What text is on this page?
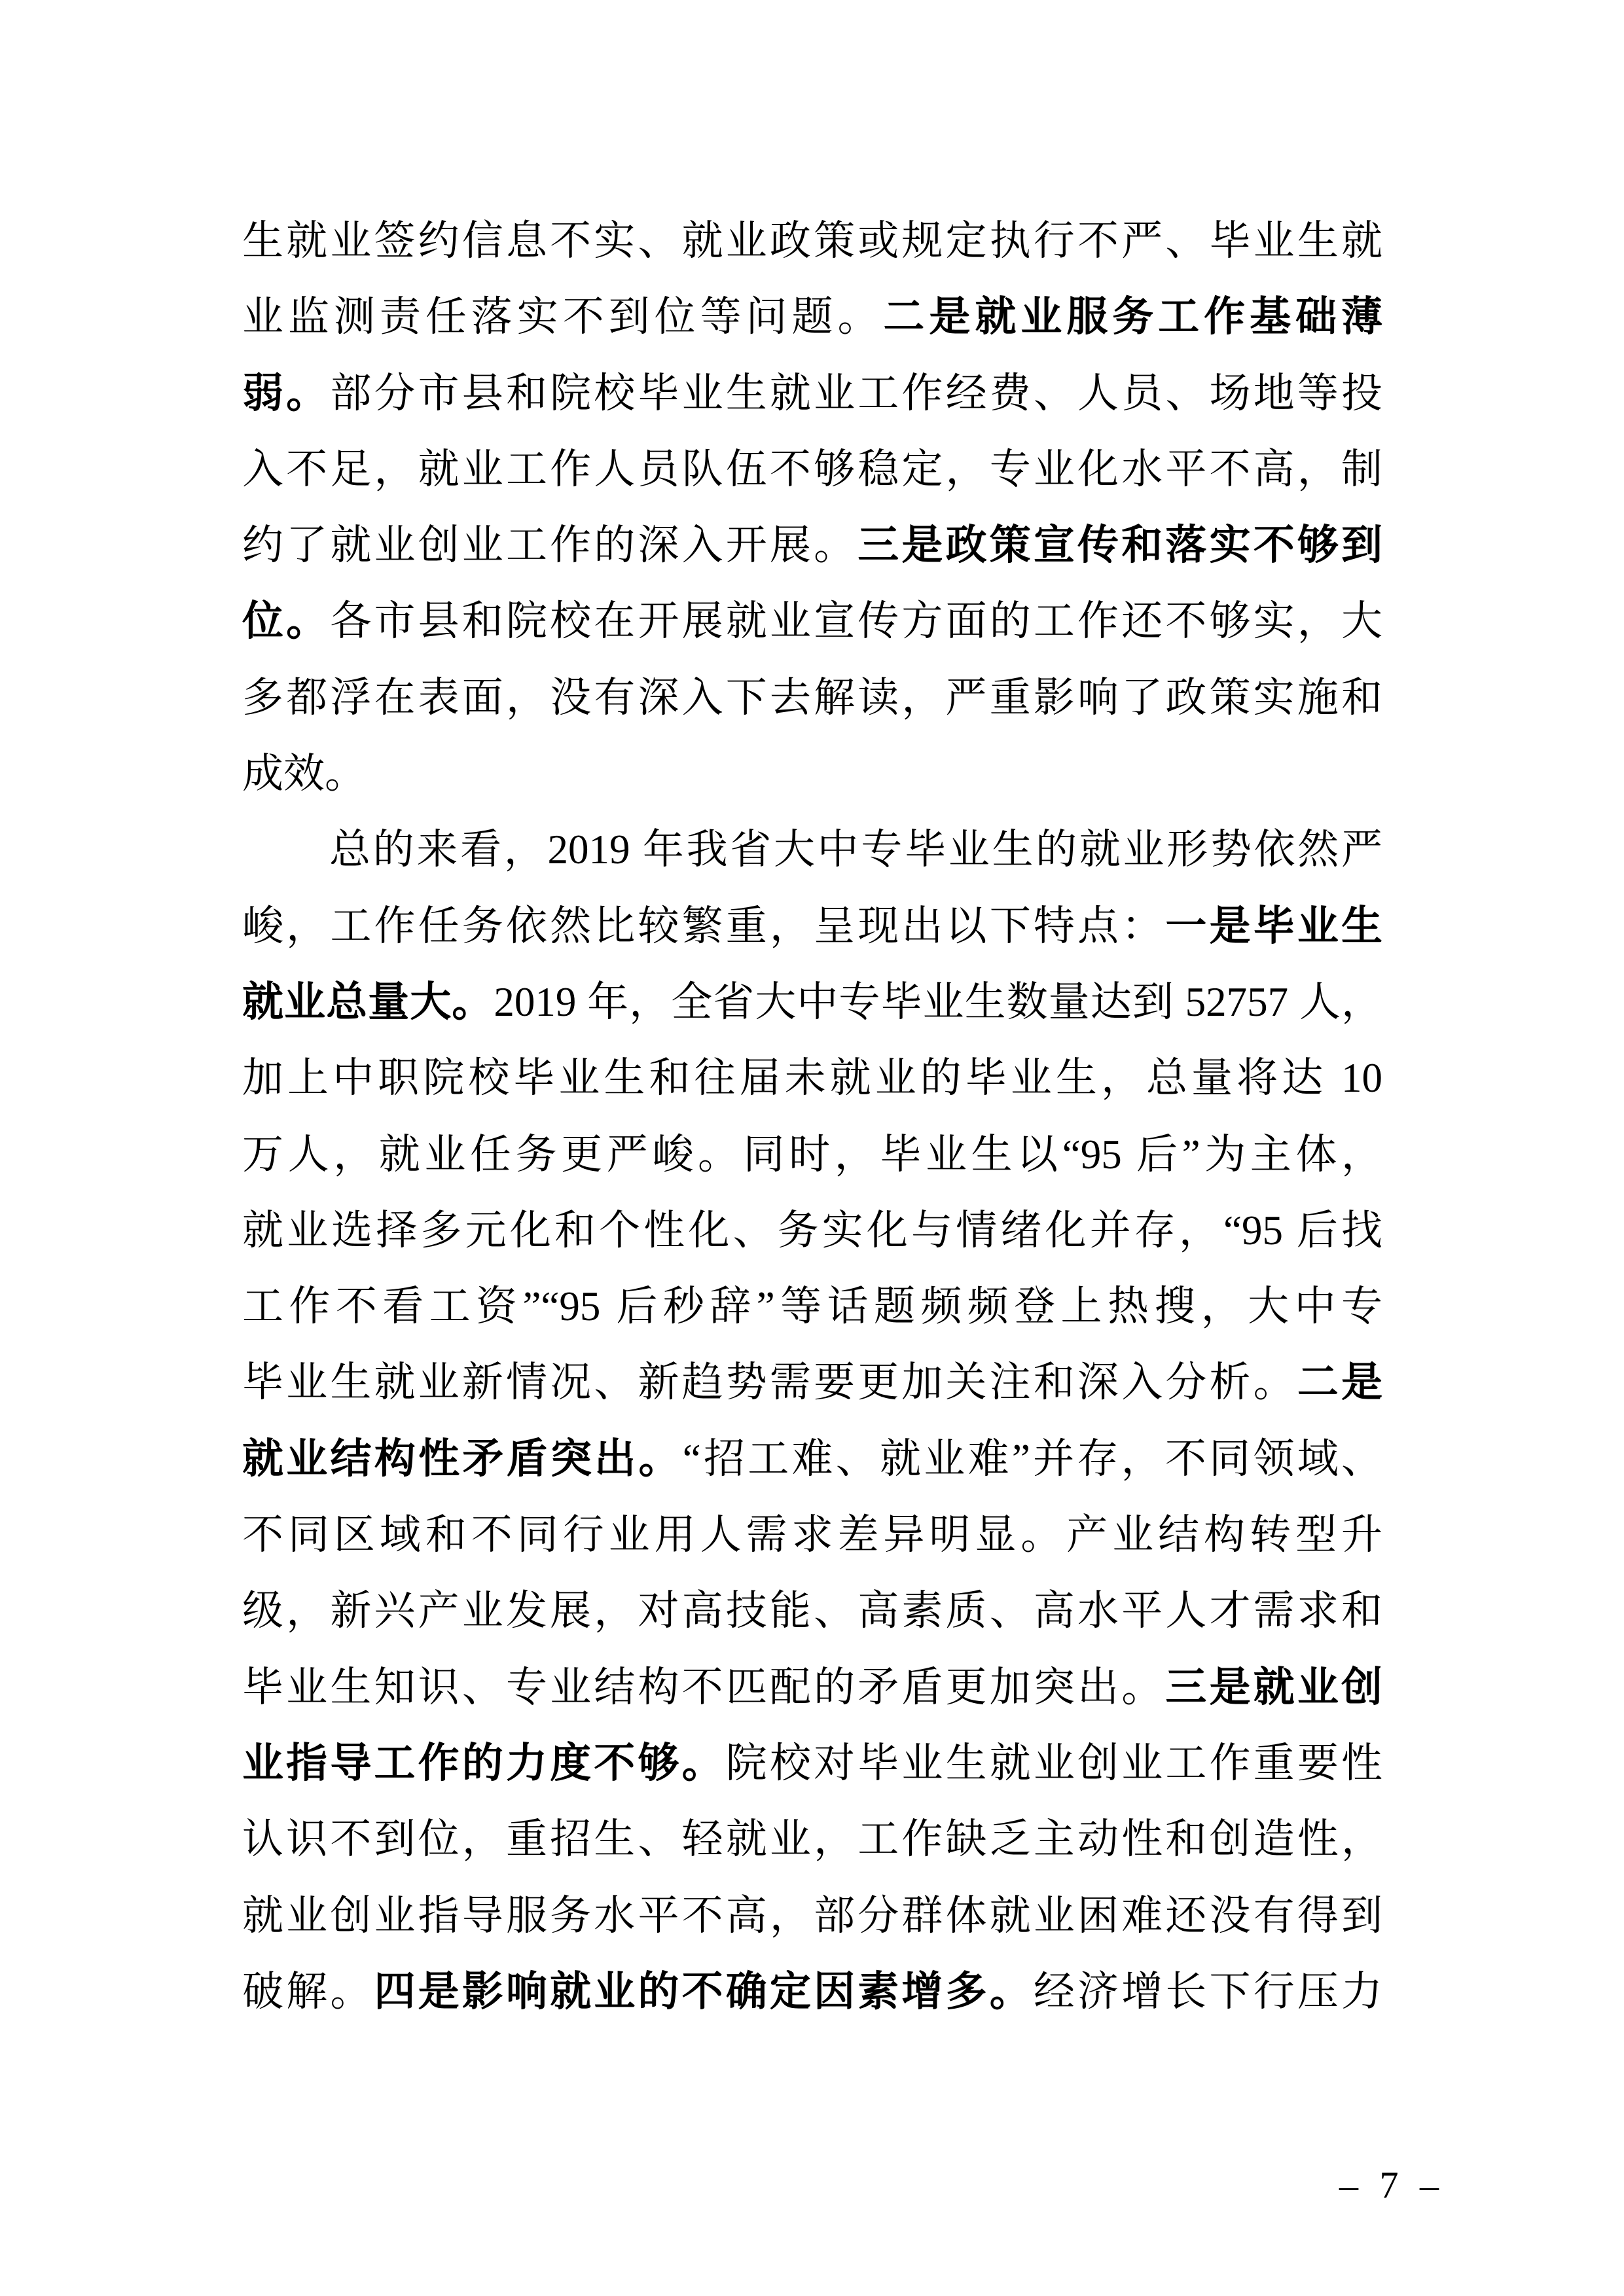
生就业签约信息不实、就业政策或规定执行不严、毕业生就
业监测责任落实不到位等问题。二是就业服务工作基础薄
弱。部分市县和院校毕业生就业工作经费、人员、场地等投
入不足，就业工作人员队伍不够稳定，专业化水平不高，制
约了就业创业工作的深入开展。三是政策宣传和落实不够到
位。各市县和院校在开展就业宣传方面的工作还不够实，大
多都浮在表面，没有深入下去解读，严重影响了政策实施和
成效。
总的来看，2019 年我省大中专毕业生的就业形势依然严
峻，工作任务依然比较繁重，呈现出以下特点：一是毕业生
就业总量大。2019 年，全省大中专毕业生数量达到 52757 人，
加上中职院校毕业生和往届未就业的毕业生，总量将达 10
万人，就业任务更严峻。同时，毕业生以“95 后”为主体，
就业选择多元化和个性化、务实化与情绪化并存，“95 后找
工作不看工资”“95 后秒辞”等话题频频登上热搜，大中专
毕业生就业新情况、新趋势需要更加关注和深入分析。二是
就业结构性矛盾突出。“招工难、就业难”并存，不同领域、
不同区域和不同行业用人需求差异明显。产业结构转型升
级，新兴产业发展，对高技能、高素质、高水平人才需求和
毕业生知识、专业结构不匹配的矛盾更加突出。三是就业创
业指导工作的力度不够。院校对毕业生就业创业工作重要性
认识不到位，重招生、轻就业，工作缺乏主动性和创造性，
就业创业指导服务水平不高，部分群体就业困难还没有得到
破解。四是影响就业的不确定因素增多。经济增长下行压力

– 7 –
